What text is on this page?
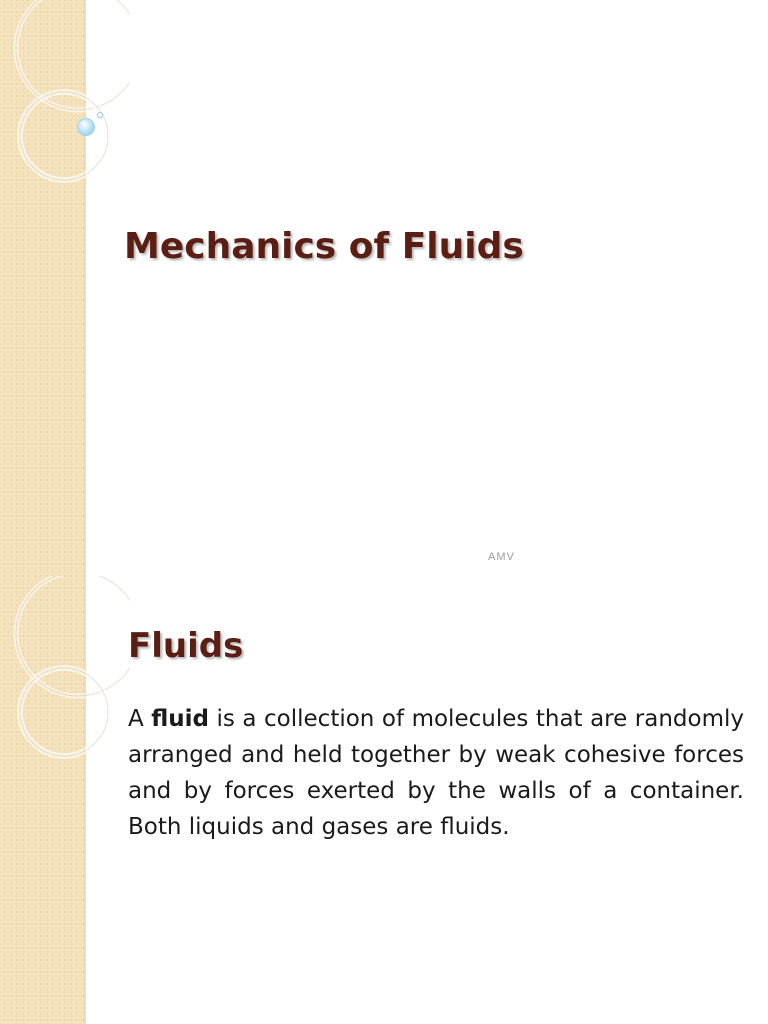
Mechanics of Fluids
AMV
Fluids

A fluid is a collection of molecules that are randomly arranged and held together by weak cohesive forces and by forces exerted by the walls of a container. Both liquids and gases are fluids.
